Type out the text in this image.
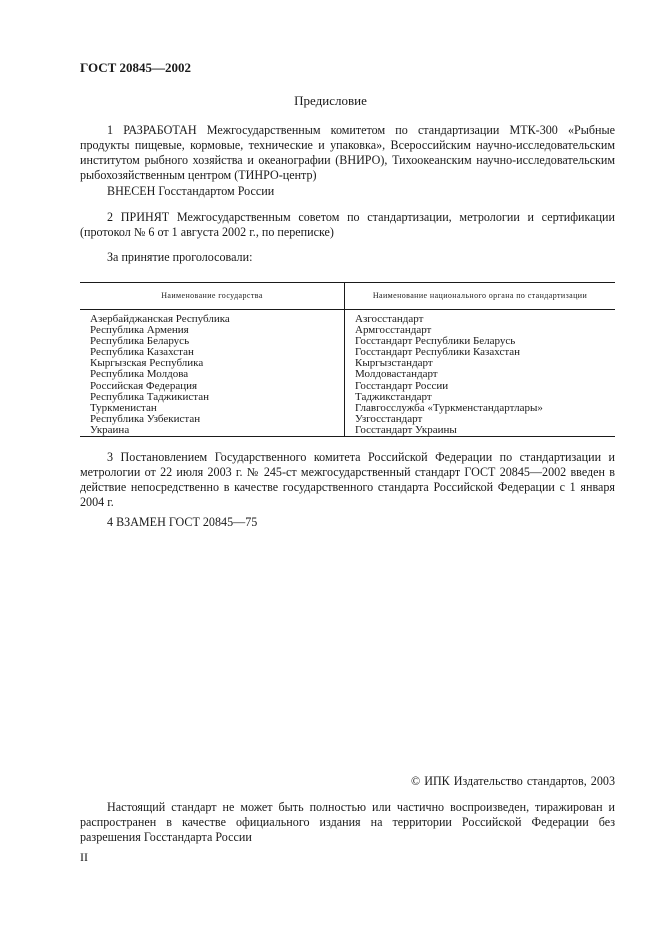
ГОСТ 20845—2002
Предисловие
1 РАЗРАБОТАН Межгосударственным комитетом по стандартизации МТК-300 «Рыбные продукты пищевые, кормовые, технические и упаковка», Всероссийским научно-исследовательским институтом рыбного хозяйства и океанографии (ВНИРО), Тихоокеанским научно-исследовательским рыбохозяйственным центром (ТИНРО-центр)
ВНЕСЕН Госстандартом России
2 ПРИНЯТ Межгосударственным советом по стандартизации, метрологии и сертификации (протокол № 6 от 1 августа 2002 г., по переписке)
За принятие проголосовали:
Наименование государства	Наименование национального органа по стандартизации
Азербайджанская Республика	Азгосстандарт
Республика Армения	Армгосстандарт
Республика Беларусь	Госстандарт Республики Беларусь
Республика Казахстан	Госстандарт Республики Казахстан
Кыргызская Республика	Кыргызстандарт
Республика Молдова	Молдовастандарт
Российская Федерация	Госстандарт России
Республика Таджикистан	Таджикстандарт
Туркменистан	Главгосслужба «Туркменстандартлары»
Республика Узбекистан	Узгосстандарт
Украина	Госстандарт Украины
3 Постановлением Государственного комитета Российской Федерации по стандартизации и метрологии от 22 июля 2003 г. № 245-ст межгосударственный стандарт ГОСТ 20845—2002 введен в действие непосредственно в качестве государственного стандарта Российской Федерации с 1 января 2004 г.
4 ВЗАМЕН ГОСТ 20845—75
© ИПК Издательство стандартов, 2003
Настоящий стандарт не может быть полностью или частично воспроизведен, тиражирован и распространен в качестве официального издания на территории Российской Федерации без разрешения Госстандарта России
II
